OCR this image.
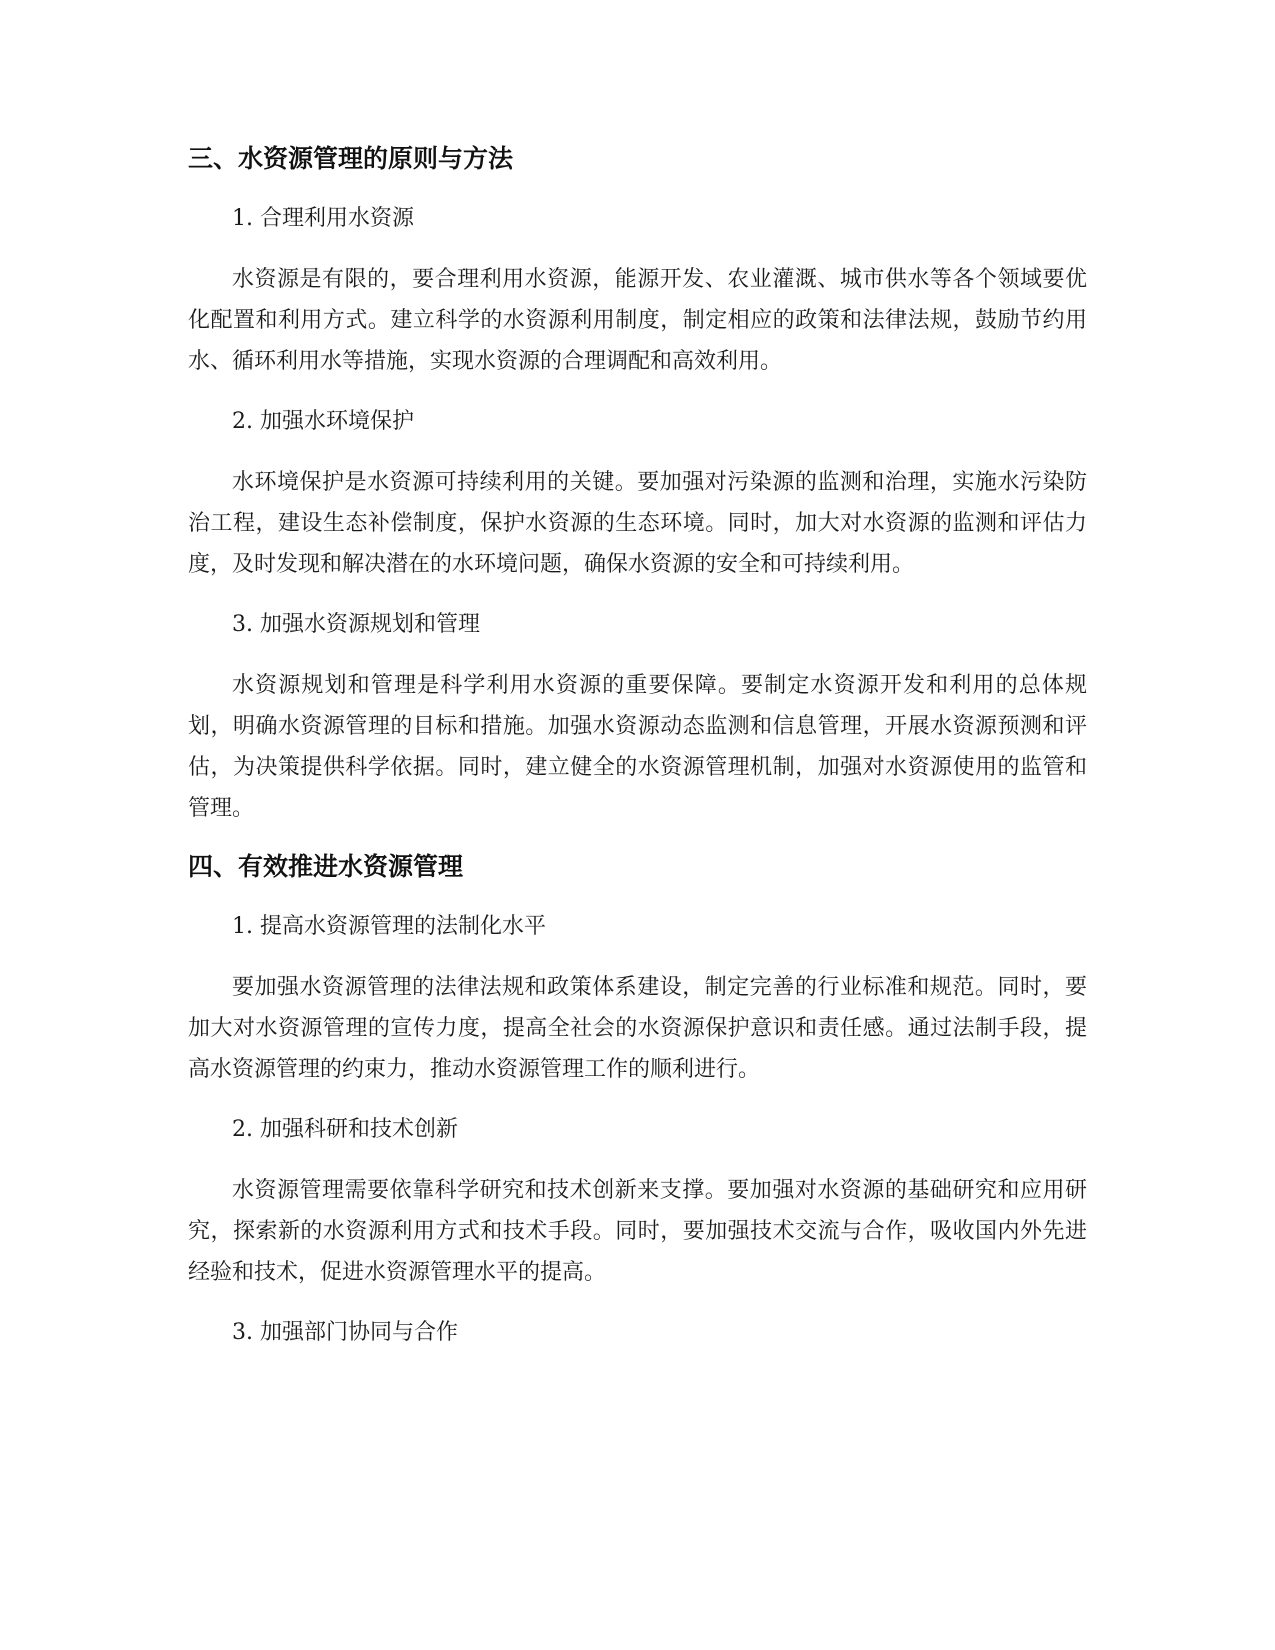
三、水资源管理的原则与方法

1. 合理利用水资源

水资源是有限的，要合理利用水资源，能源开发、农业灌溉、城市供水等各个领域要优化配置和利用方式。建立科学的水资源利用制度，制定相应的政策和法律法规，鼓励节约用水、循环利用水等措施，实现水资源的合理调配和高效利用。

2. 加强水环境保护

水环境保护是水资源可持续利用的关键。要加强对污染源的监测和治理，实施水污染防治工程，建设生态补偿制度，保护水资源的生态环境。同时，加大对水资源的监测和评估力度，及时发现和解决潜在的水环境问题，确保水资源的安全和可持续利用。

3. 加强水资源规划和管理

水资源规划和管理是科学利用水资源的重要保障。要制定水资源开发和利用的总体规划，明确水资源管理的目标和措施。加强水资源动态监测和信息管理，开展水资源预测和评估，为决策提供科学依据。同时，建立健全的水资源管理机制，加强对水资源使用的监管和管理。

四、有效推进水资源管理

1. 提高水资源管理的法制化水平

要加强水资源管理的法律法规和政策体系建设，制定完善的行业标准和规范。同时，要加大对水资源管理的宣传力度，提高全社会的水资源保护意识和责任感。通过法制手段，提高水资源管理的约束力，推动水资源管理工作的顺利进行。

2. 加强科研和技术创新

水资源管理需要依靠科学研究和技术创新来支撑。要加强对水资源的基础研究和应用研究，探索新的水资源利用方式和技术手段。同时，要加强技术交流与合作，吸收国内外先进经验和技术，促进水资源管理水平的提高。

3. 加强部门协同与合作
